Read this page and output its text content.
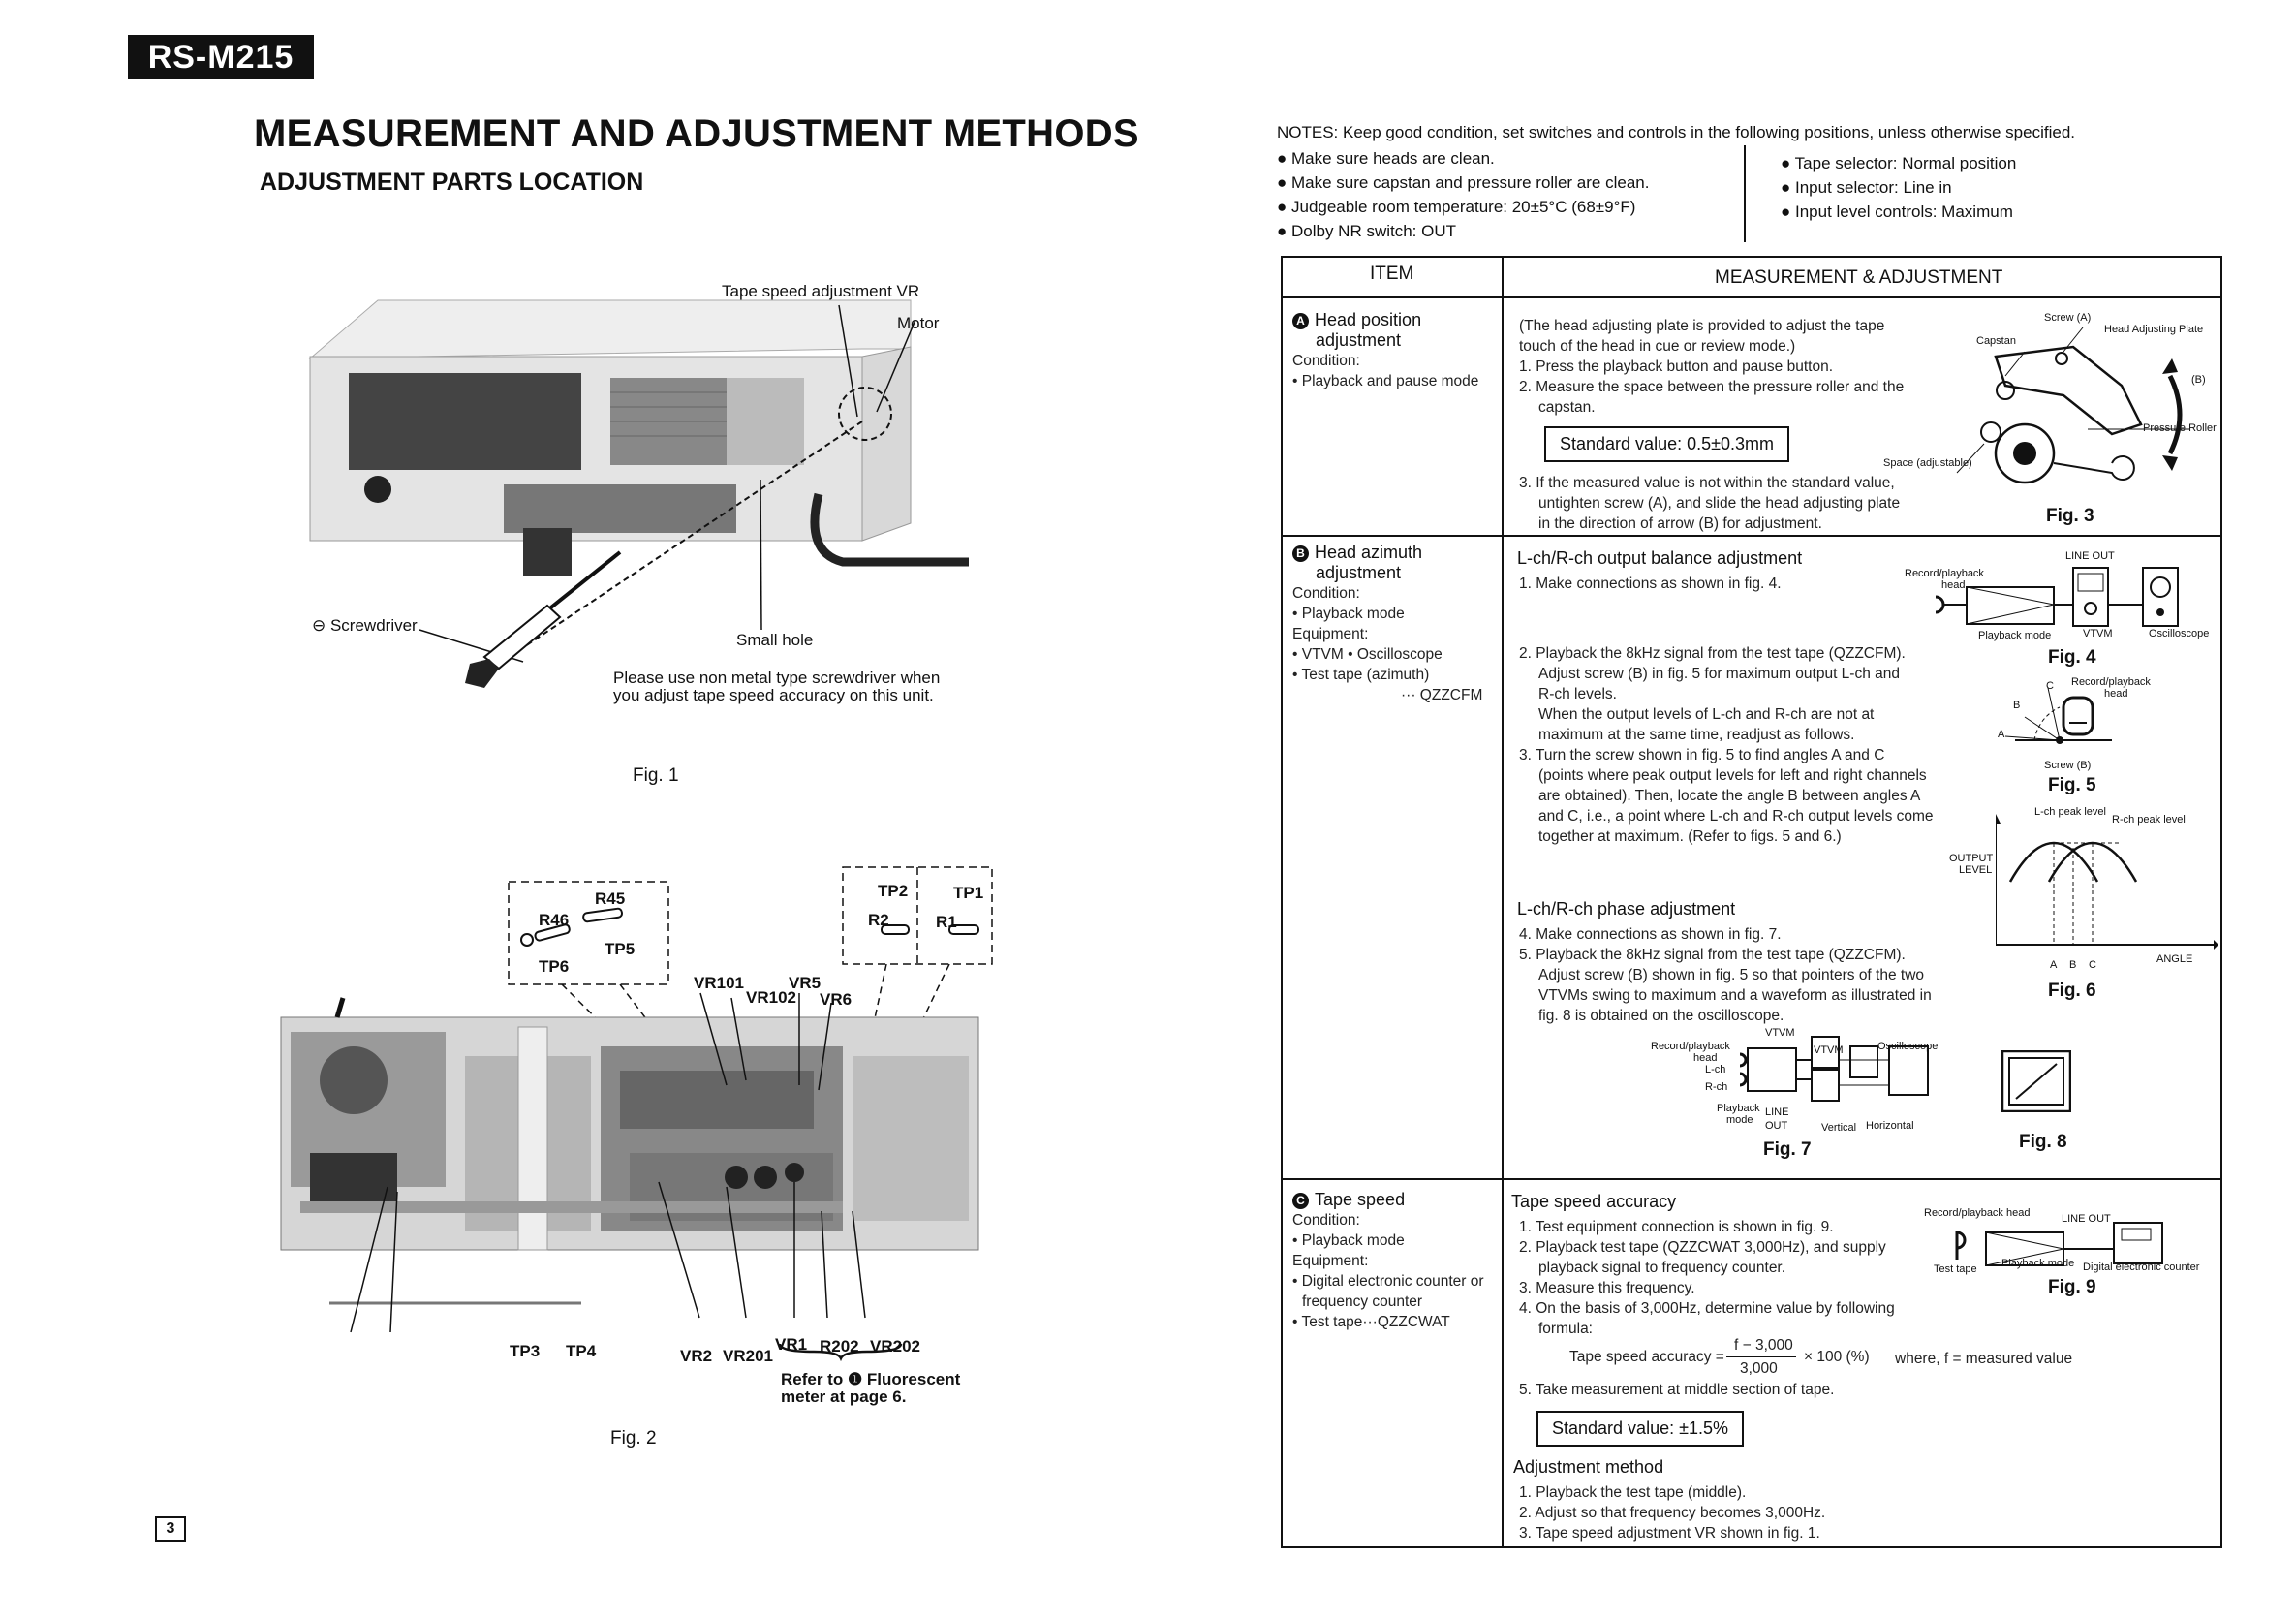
RS-M215
MEASUREMENT AND ADJUSTMENT METHODS
ADJUSTMENT PARTS LOCATION
Tape speed adjustment VR
Motor
⊖ Screwdriver
Small hole
Please use non metal type screwdriver when
you adjust tape speed accuracy on this unit.
Fig. 1
R45
R46
TP5
TP6
TP2	TP1
R2	R1
VR101
VR102
VR5
VR6
TP3 TP4	VR2 VR201
VR1 R202 VR202
Refer to ❶ Fluorescent
meter at page 6.
Fig. 2
3
NOTES: Keep good condition, set switches and controls in the following positions, unless otherwise specified.
● Make sure heads are clean.
● Make sure capstan and pressure roller are clean.
● Judgeable room temperature: 20±5°C (68±9°F)
● Dolby NR switch: OUT
● Tape selector: Normal position
● Input selector: Line in
● Input level controls: Maximum
ITEM	MEASUREMENT & ADJUSTMENT
A Head position
adjustment
Condition:
• Playback and pause mode
(The head adjusting plate is provided to adjust the tape
touch of the head in cue or review mode.)
1. Press the playback button and pause button.
2. Measure the space between the pressure roller and the
capstan.
Standard value: 0.5±0.3mm
3. If the measured value is not within the standard value,
untighten screw (A), and slide the head adjusting plate
in the direction of arrow (B) for adjustment.
Screw (A)
Head Adjusting Plate
Capstan
(B)
Pressure Roller
Space (adjustable)
Fig. 3
B Head azimuth
adjustment
Condition:
• Playback mode
Equipment:
• VTVM • Oscilloscope
• Test tape (azimuth)
··· QZZCFM
L-ch/R-ch output balance adjustment
1. Make connections as shown in fig. 4.
2. Playback the 8kHz signal from the test tape (QZZCFM).
Adjust screw (B) in fig. 5 for maximum output L-ch and
R-ch levels.
When the output levels of L-ch and R-ch are not at
maximum at the same time, readjust as follows.
3. Turn the screw shown in fig. 5 to find angles A and C
(points where peak output levels for left and right channels
are obtained). Then, locate the angle B between angles A
and C, i.e., a point where L-ch and R-ch output levels come
together at maximum. (Refer to figs. 5 and 6.)
L-ch/R-ch phase adjustment
4. Make connections as shown in fig. 7.
5. Playback the 8kHz signal from the test tape (QZZCFM).
Adjust screw (B) shown in fig. 5 so that pointers of the two
VTVMs swing to maximum and a waveform as illustrated in
fig. 8 is obtained on the oscilloscope.
LINE OUT
Record/playback
head
Playback mode	VTVM	Oscilloscope
Fig. 4
Record/playback
head
C
B
A
Screw (B)
Fig. 5
L-ch peak level
R-ch peak level
OUTPUT
LEVEL
A B C	ANGLE
Fig. 6
Record/playback
head
L-ch
R-ch
VTVM
VTVM	Oscilloscope
Playback
mode
LINE
OUT	Vertical Horizontal
Fig. 7	Fig. 8
C Tape speed
Condition:
• Playback mode
Equipment:
• Digital electronic counter or
frequency counter
• Test tape···QZZCWAT
Tape speed accuracy
1. Test equipment connection is shown in fig. 9.
2. Playback test tape (QZZCWAT 3,000Hz), and supply
playback signal to frequency counter.
3. Measure this frequency.
4. On the basis of 3,000Hz, determine value by following
formula:
Tape speed accuracy =
f − 3,000
3,000
× 100 (%) where, f = measured value
5. Take measurement at middle section of tape.
Standard value: ±1.5%
Adjustment method
1. Playback the test tape (middle).
2. Adjust so that frequency becomes 3,000Hz.
3. Tape speed adjustment VR shown in fig. 1.
Record/playback head	LINE OUT
Test tape Playback mode Digital electronic counter
Fig. 9
